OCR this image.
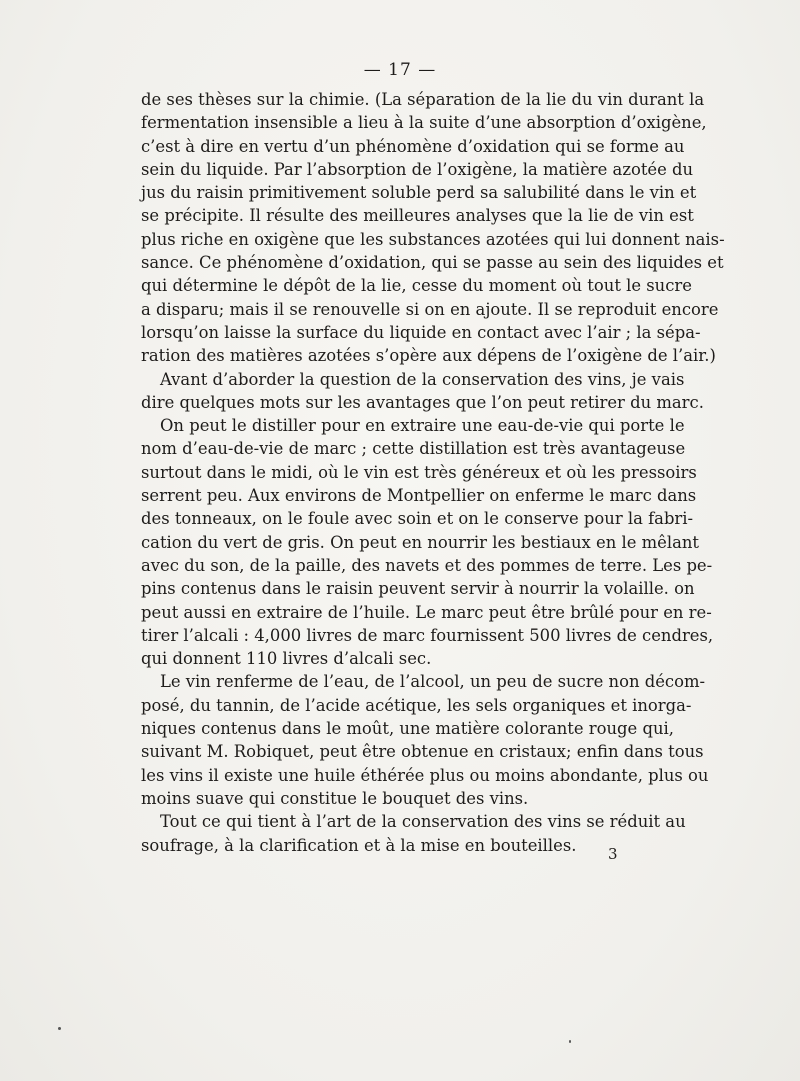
— 17 —
de ses thèses sur la chimie. (La séparation de la lie du vin durant la
fermentation insensible a lieu à la suite d’une absorption d’oxigène,
c’est à dire en vertu d’un phénomène d’oxidation qui se forme au
sein du liquide. Par l’absorption de l’oxigène, la matière azotée du
jus du raisin primitivement soluble perd sa salubilité dans le vin et
se précipite. Il résulte des meilleures analyses que la lie de vin est
plus riche en oxigène que les substances azotées qui lui donnent nais-
sance. Ce phénomène d’oxidation, qui se passe au sein des liquides et
qui détermine le dépôt de la lie, cesse du moment où tout le sucre
a disparu; mais il se renouvelle si on en ajoute. Il se reproduit encore
lorsqu’on laisse la surface du liquide en contact avec l’air ; la sépa-
ration des matières azotées s’opère aux dépens de l’oxigène de l’air.)
Avant d’aborder la question de la conservation des vins, je vais
dire quelques mots sur les avantages que l’on peut retirer du marc.
On peut le distiller pour en extraire une eau-de-vie qui porte le
nom d’eau-de-vie de marc ; cette distillation est très avantageuse
surtout dans le midi, où le vin est très généreux et où les pressoirs
serrent peu. Aux environs de Montpellier on enferme le marc dans
des tonneaux, on le foule avec soin et on le conserve pour la fabri-
cation du vert de gris. On peut en nourrir les bestiaux en le mêlant
avec du son, de la paille, des navets et des pommes de terre. Les pe-
pins contenus dans le raisin peuvent servir à nourrir la volaille. on
peut aussi en extraire de l’huile. Le marc peut être brûlé pour en re-
tirer l’alcali : 4,000 livres de marc fournissent 500 livres de cendres,
qui donnent 110 livres d’alcali sec.
Le vin renferme de l’eau, de l’alcool, un peu de sucre non décom-
posé, du tannin, de l’acide acétique, les sels organiques et inorga-
niques contenus dans le moût, une matière colorante rouge qui,
suivant M. Robiquet, peut être obtenue en cristaux; enfin dans tous
les vins il existe une huile éthérée plus ou moins abondante, plus ou
moins suave qui constitue le bouquet des vins.
Tout ce qui tient à l’art de la conservation des vins se réduit au
soufrage, à la clarification et à la mise en bouteilles.	3
